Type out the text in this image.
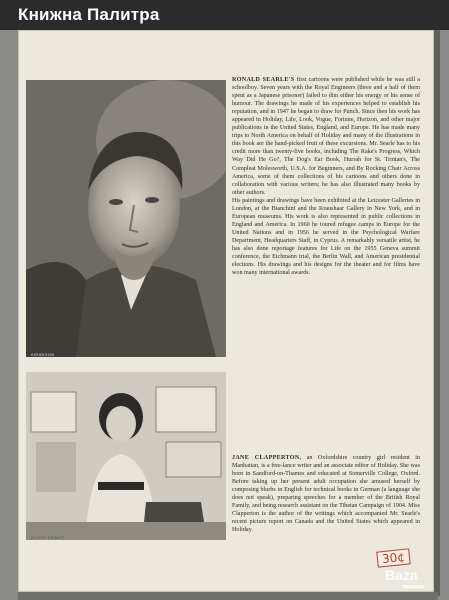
Книжна Палитра
KIRANSON
ELLIOT ERWITT

RONALD SEARLE'S first cartoons were published while he was still a schoolboy. Seven years with the Royal Engineers (three and a half of them spent as a Japanese prisoner) failed to dim either his energy or his sense of humour. The drawings he made of his experiences helped to establish his reputation, and in 1947 he began to draw for Punch. Since then his work has appeared in Holiday, Life, Look, Vogue, Fortune, Horizon, and other major publications in the United States, England, and Europe. He has made many trips to North America on behalf of Holiday and many of the illustrations in this book are the hand-picked fruit of these excursions. Mr. Searle has to his credit more than twenty-five books, including The Rake's Progress, Which Way Did He Go?, The Dog's Ear Book, Hurrah for St. Trinian's, The Compleat Molesworth, U.S.A. for Beginners, and By Rocking Chair Across America, some of them collections of his cartoons and others done in collaboration with various writers; he has also illustrated many books by other authors.

His paintings and drawings have been exhibited at the Leicester Galleries in London, at the Bianchini and the Kraushaar Gallery in New York, and in European museums. His work is also represented in public collections in England and America. In 1960 he toured refugee camps in Europe for the United Nations and in 1956 he served in the Psychological Warfare Department, Headquarters Staff, in Cyprus. A remarkably versatile artist, he has also done reportage features for Life on the 1955 Geneva summit conference, the Eichmann trial, the Berlin Wall, and American presidential elections. His drawings and his designs for the theater and for films have won many international awards.

JANE CLAPPERTON, an Oxfordshire country girl resident in Manhattan, is a free-lance writer and an associate editor of Holiday. She was born in Sandford-on-Thames and educated at Somerville College, Oxford. Before taking up her present adult occupation she amused herself by composing blurbs in English for technical books in German (a language she does not speak), preparing speeches for a member of the British Royal Family, and being research assistant on the Tibetan Campaign of 1904. Miss Clapperton is the author of the writings which accompanied Mr. Searle's recent picture report on Canada and the United States which appeared in Holiday.

30¢
Baza
